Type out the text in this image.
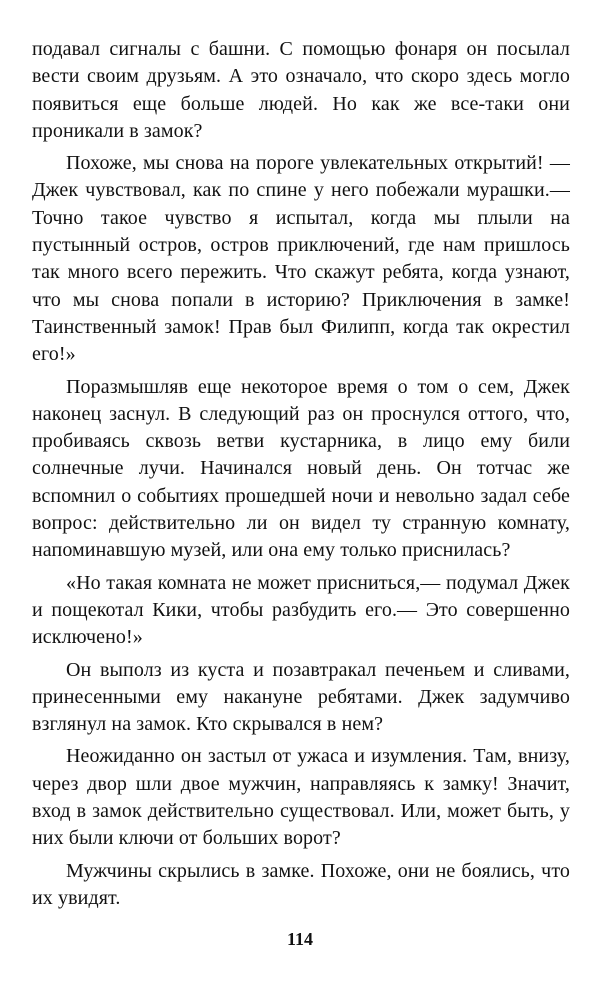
подавал сигналы с башни. С помощью фонаря он посылал вести своим друзьям. А это означало, что скоро здесь могло появиться еще больше людей. Но как же все-таки они проникали в замок?

Похоже, мы снова на пороге увлекательных открытий! — Джек чувствовал, как по спине у него побежали мурашки.— Точно такое чувство я испытал, когда мы плыли на пустынный остров, остров приключений, где нам пришлось так много всего пережить. Что скажут ребята, когда узнают, что мы снова попали в историю? Приключения в замке! Таинственный замок! Прав был Филипп, когда так окрестил его!»

Поразмышляв еще некоторое время о том о сем, Джек наконец заснул. В следующий раз он проснулся оттого, что, пробиваясь сквозь ветви кустарника, в лицо ему били солнечные лучи. Начинался новый день. Он тотчас же вспомнил о событиях прошедшей ночи и невольно задал себе вопрос: действительно ли он видел ту странную комнату, напоминавшую музей, или она ему только приснилась?

«Но такая комната не может присниться,— подумал Джек и пощекотал Кики, чтобы разбудить его.— Это совершенно исключено!»

Он выполз из куста и позавтракал печеньем и сливами, принесенными ему накануне ребятами. Джек задумчиво взглянул на замок. Кто скрывался в нем?

Неожиданно он застыл от ужаса и изумления. Там, внизу, через двор шли двое мужчин, направляясь к замку! Значит, вход в замок действительно существовал. Или, может быть, у них были ключи от больших ворот?

Мужчины скрылись в замке. Похоже, они не боялись, что их увидят.

114
